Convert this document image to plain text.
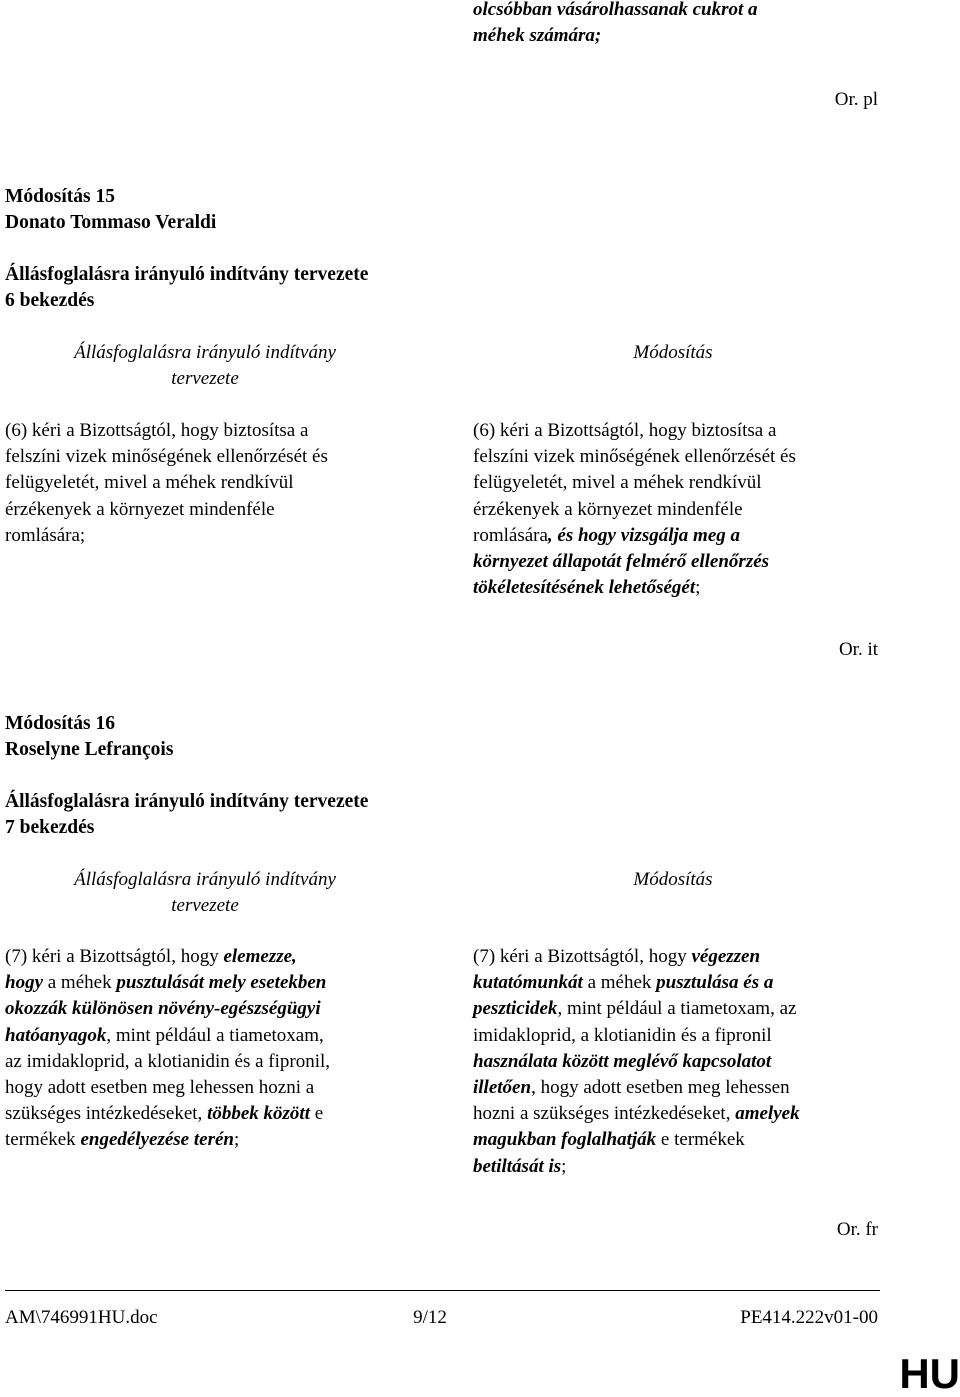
olcsóbban vásárolhassanak cukrot a
méhek számára;
Or. pl
Módosítás 15
Donato Tommaso Veraldi
Állásfoglalásra irányuló indítvány tervezete
6 bekezdés
Állásfoglalásra irányuló indítvány
tervezete
Módosítás
(6) kéri a Bizottságtól, hogy biztosítsa a
felszíni vizek minőségének ellenőrzését és
felügyeletét, mivel a méhek rendkívül
érzékenyek a környezet mindenféle
romlására;
(6) kéri a Bizottságtól, hogy biztosítsa a
felszíni vizek minőségének ellenőrzését és
felügyeletét, mivel a méhek rendkívül
érzékenyek a környezet mindenféle
romlására, és hogy vizsgálja meg a
környezet állapotát felmérő ellenőrzés
tökéletesítésének lehetőségét;
Or. it
Módosítás 16
Roselyne Lefrançois
Állásfoglalásra irányuló indítvány tervezete
7 bekezdés
Állásfoglalásra irányuló indítvány
tervezete
Módosítás
(7) kéri a Bizottságtól, hogy elemezze,
hogy a méhek pusztulását mely esetekben
okozzák különösen növény-egészségügyi
hatóanyagok, mint például a tiametoxam,
az imidakloprid, a klotianidin és a fipronil,
hogy adott esetben meg lehessen hozni a
szükséges intézkedéseket, többek között e
termékek engedélyezése terén;
(7) kéri a Bizottságtól, hogy végezzen
kutatómunkát a méhek pusztulása és a
peszticidek, mint például a tiametoxam, az
imidakloprid, a klotianidin és a fipronil
használata között meglévő kapcsolatot
illetően, hogy adott esetben meg lehessen
hozni a szükséges intézkedéseket, amelyek
magukban foglalhatják e termékek
betiltását is;
Or. fr
AM\746991HU.doc	9/12	PE414.222v01-00
HU
